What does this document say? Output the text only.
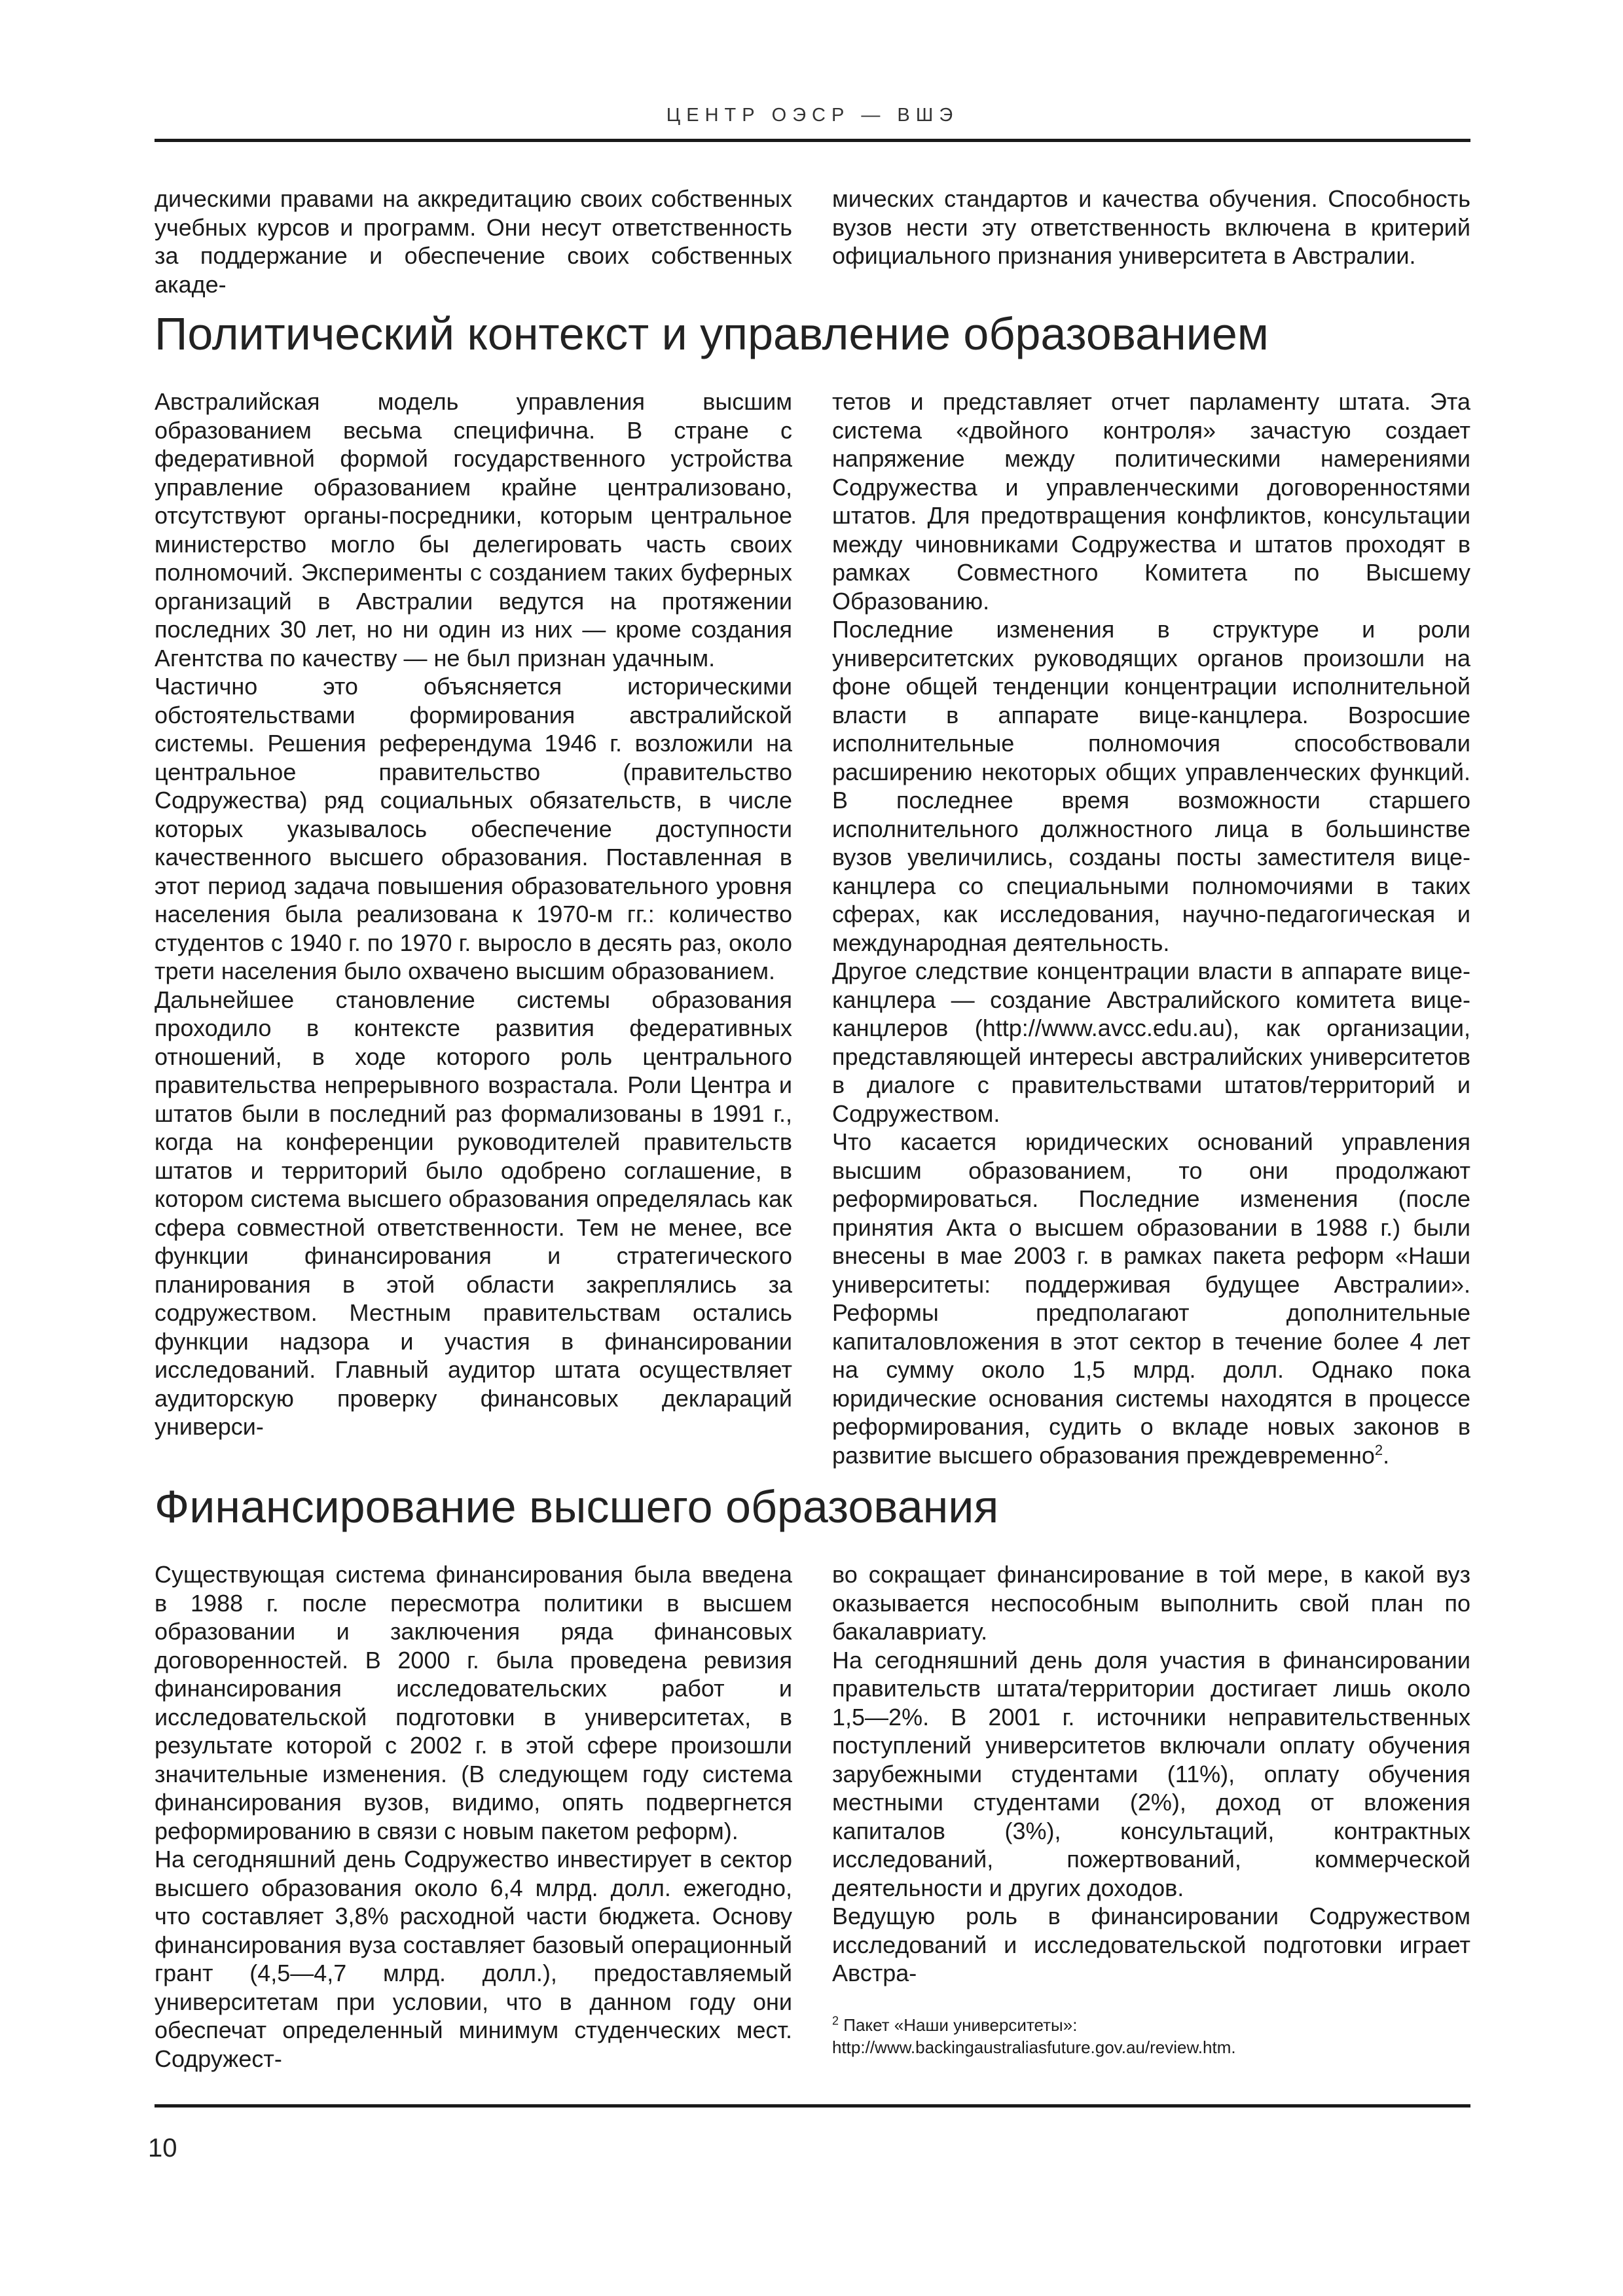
ЦЕНТР ОЭСР — ВШЭ

дическими правами на аккредитацию своих собственных учебных курсов и программ. Они несут ответственность за поддержание и обеспечение своих собственных акаде-

мических стандартов и качества обучения. Способность вузов нести эту ответственность включена в критерий официального признания университета в Австралии.

Политический контекст и управление образованием

Австралийская модель управления высшим образованием весьма специфична. В стране с федеративной формой государственного устройства управление образованием крайне централизовано, отсутствуют органы-посредники, которым центральное министерство могло бы делегировать часть своих полномочий. Эксперименты с созданием таких буферных организаций в Австралии ведутся на протяжении последних 30 лет, но ни один из них — кроме создания Агентства по качеству — не был признан удачным.

Частично это объясняется историческими обстоятельствами формирования австралийской системы. Решения референдума 1946 г. возложили на центральное правительство (правительство Содружества) ряд социальных обязательств, в числе которых указывалось обеспечение доступности качественного высшего образования. Поставленная в этот период задача повышения образовательного уровня населения была реализована к 1970-м гг.: количество студентов с 1940 г. по 1970 г. выросло в десять раз, около трети населения было охвачено высшим образованием.

Дальнейшее становление системы образования проходило в контексте развития федеративных отношений, в ходе которого роль центрального правительства непрерывного возрастала. Роли Центра и штатов были в последний раз формализованы в 1991 г., когда на конференции руководителей правительств штатов и территорий было одобрено соглашение, в котором система высшего образования определялась как сфера совместной ответственности. Тем не менее, все функции финансирования и стратегического планирования в этой области закреплялись за содружеством. Местным правительствам остались функции надзора и участия в финансировании исследований. Главный аудитор штата осуществляет аудиторскую проверку финансовых деклараций универси-

тетов и представляет отчет парламенту штата. Эта система «двойного контроля» зачастую создает напряжение между политическими намерениями Содружества и управленческими договоренностями штатов. Для предотвращения конфликтов, консультации между чиновниками Содружества и штатов проходят в рамках Совместного Комитета по Высшему Образованию.

Последние изменения в структуре и роли университетских руководящих органов произошли на фоне общей тенденции концентрации исполнительной власти в аппарате вице-канцлера. Возросшие исполнительные полномочия способствовали расширению некоторых общих управленческих функций. В последнее время возможности старшего исполнительного должностного лица в большинстве вузов увеличились, созданы посты заместителя вице-канцлера со специальными полномочиями в таких сферах, как исследования, научно-педагогическая и международная деятельность.

Другое следствие концентрации власти в аппарате вице-канцлера — создание Австралийского комитета вице-канцлеров (http://www.avcc.edu.au), как организации, представляющей интересы австралийских университетов в диалоге с правительствами штатов/территорий и Содружеством.

Что касается юридических оснований управления высшим образованием, то они продолжают реформироваться. Последние изменения (после принятия Акта о высшем образовании в 1988 г.) были внесены в мае 2003 г. в рамках пакета реформ «Наши университеты: поддерживая будущее Австралии». Реформы предполагают дополнительные капиталовложения в этот сектор в течение более 4 лет на сумму около 1,5 млрд. долл. Однако пока юридические основания системы находятся в процессе реформирования, судить о вкладе новых законов в развитие высшего образования преждевременно$^2$.

Финансирование высшего образования

Существующая система финансирования была введена в 1988 г. после пересмотра политики в высшем образовании и заключения ряда финансовых договоренностей. В 2000 г. была проведена ревизия финансирования исследовательских работ и исследовательской подготовки в университетах, в результате которой с 2002 г. в этой сфере произошли значительные изменения. (В следующем году система финансирования вузов, видимо, опять подвергнется реформированию в связи с новым пакетом реформ).

На сегодняшний день Содружество инвестирует в сектор высшего образования около 6,4 млрд. долл. ежегодно, что составляет 3,8% расходной части бюджета. Основу финансирования вуза составляет базовый операционный грант (4,5—4,7 млрд. долл.), предоставляемый университетам при условии, что в данном году они обеспечат определенный минимум студенческих мест. Содружест-

во сокращает финансирование в той мере, в какой вуз оказывается неспособным выполнить свой план по бакалавриату.

На сегодняшний день доля участия в финансировании правительств штата/территории достигает лишь около 1,5—2%. В 2001 г. источники неправительственных поступлений университетов включали оплату обучения зарубежными студентами (11%), оплату обучения местными студентами (2%), доход от вложения капиталов (3%), консультаций, контрактных исследований, пожертвований, коммерческой деятельности и других доходов.

Ведущую роль в финансировании Содружеством исследований и исследовательской подготовки играет Австра-

$^2$ Пакет «Наши университеты»: http://www.backingaustraliasfuture.gov.au/review.htm.
10
